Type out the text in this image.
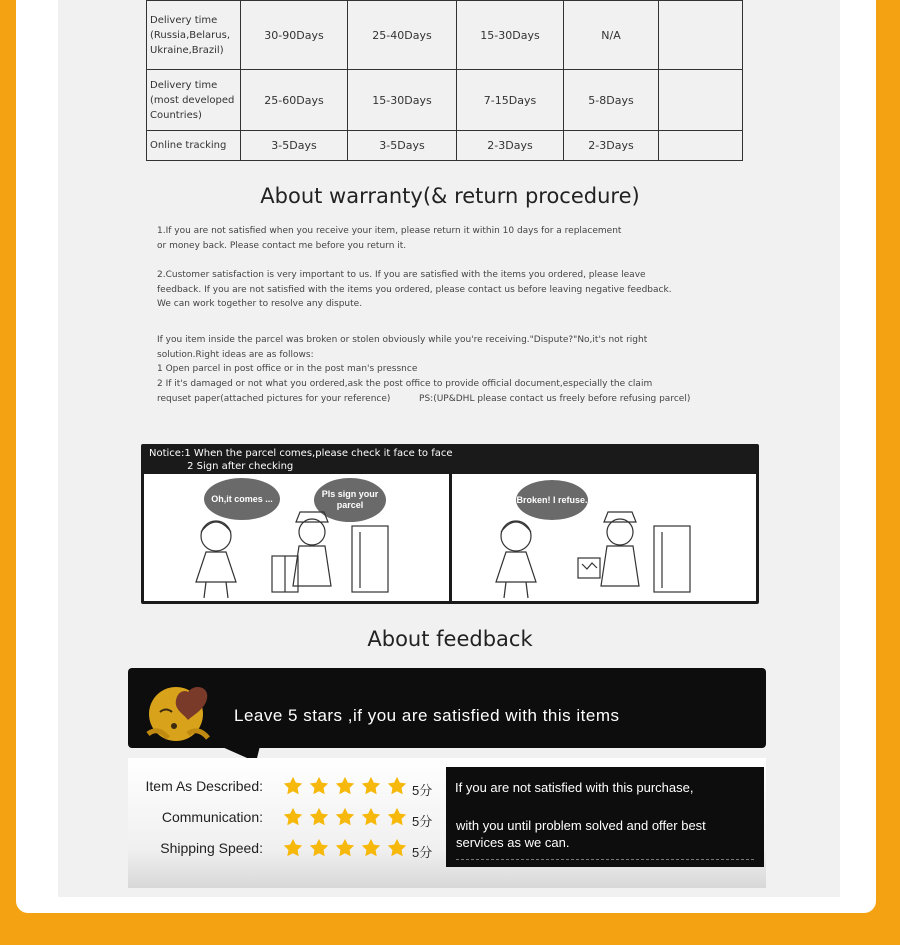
Delivery time (Russia,Belarus, Ukraine,Brazil)	30-90Days	25-40Days	15-30Days	N/A	
Delivery time (most developed Countries)	25-60Days	15-30Days	7-15Days	5-8Days	
Online tracking	3-5Days	3-5Days	2-3Days	2-3Days	
About warranty(& return procedure)
1.If you are not satisfied when you receive your item, please return it within 10 days for a replacement
or money back. Please contact me before you return it.
2.Customer satisfaction is very important to us. If you are satisfied with the items you ordered, please leave
feedback. If you are not satisfied with the items you ordered, please contact us before leaving negative feedback.
We can work together to resolve any dispute.
If you item inside the parcel was broken or stolen obviously while you're receiving."Dispute?"No,it's not right
solution.Right ideas are as follows:
1 Open parcel in post office or in the post man's pressnce
2 If it's damaged or not what you ordered,ask the post office to provide official document,especially the claim
requset paper(attached pictures for your reference)          PS:(UP&DHL please contact us freely before refusing parcel)
Notice:1 When the parcel comes,please check it face to face
2 Sign after checking
Oh,it comes ...	Pls sign your parcel
Broken! I refuse.
About feedback
Leave 5 stars ,if you are satisfied with this items
Item As Described:	5分
Communication:	5分
Shipping Speed:	5分
If you are not satisfied with this purchase,
with you until problem solved and offer best services as we can.
